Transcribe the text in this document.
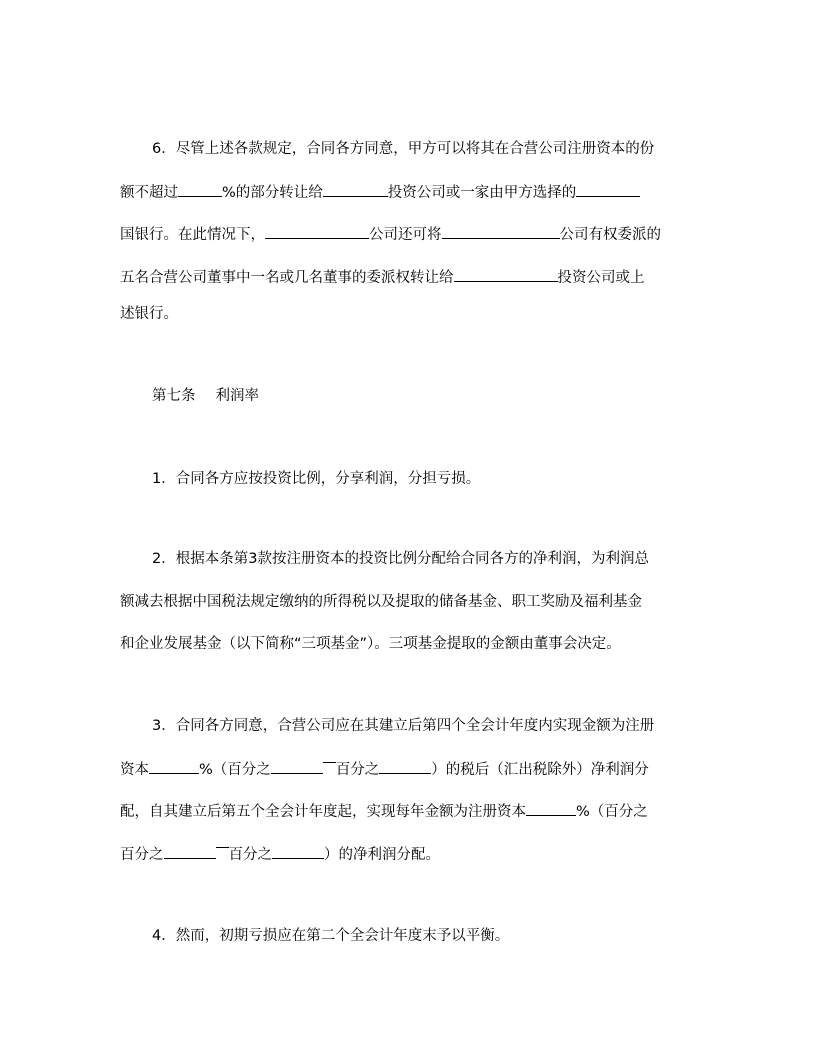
6．尽管上述各款规定，合同各方同意，甲方可以将其在合营公司注册资本的份
额不超过	%的部分转让给	投资公司或一家由甲方选择的
国银行。在此情况下，	公司还可将	公司有权委派的
五名合营公司董事中一名或几名董事的委派权转让给	投资公司或上
述银行。
第七条 利润率
1．合同各方应按投资比例，分享利润，分担亏损。
2．根据本条第3款按注册资本的投资比例分配给合同各方的净利润，为利润总
额减去根据中国税法规定缴纳的所得税以及提取的储备基金、职工奖励及福利基金
和企业发展基金（以下简称“三项基金”）。三项基金提取的金额由董事会决定。
3．合同各方同意，合营公司应在其建立后第四个全会计年度内实现金额为注册
资本	%（百分之	百分之	）的税后（汇出税除外）净利润分
配，自其建立后第五个全会计年度起，实现每年金额为注册资本	%（百分之
百分之	百分之	）的净利润分配。
4．然而，初期亏损应在第二个全会计年度末予以平衡。
